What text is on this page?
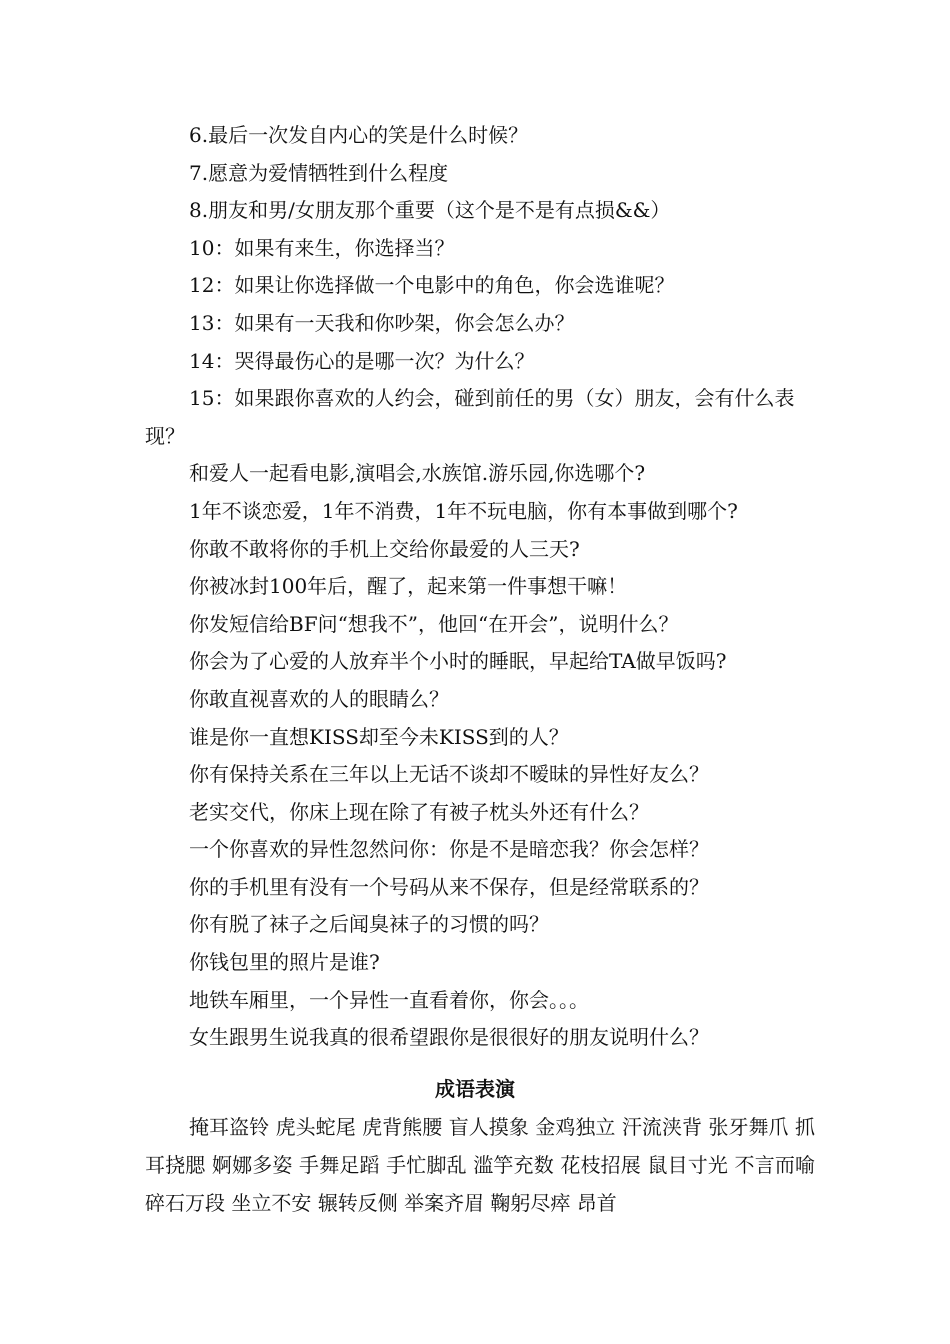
6.最后一次发自内心的笑是什么时候？
7.愿意为爱情牺牲到什么程度
8.朋友和男/女朋友那个重要（这个是不是有点损&&）
10：如果有来生，你选择当？
12：如果让你选择做一个电影中的角色，你会选谁呢？
13：如果有一天我和你吵架，你会怎么办？
14：哭得最伤心的是哪一次？为什么？
15：如果跟你喜欢的人约会，碰到前任的男（女）朋友，会有什么表现？
和爱人一起看电影,演唱会,水族馆.游乐园,你选哪个?
1年不谈恋爱，1年不消费，1年不玩电脑，你有本事做到哪个?
你敢不敢将你的手机上交给你最爱的人三天?
你被冰封100年后，醒了，起来第一件事想干嘛！
你发短信给BF问“想我不”，他回“在开会”，说明什么？
你会为了心爱的人放弃半个小时的睡眠，早起给TA做早饭吗?
你敢直视喜欢的人的眼睛么？
谁是你一直想KISS却至今未KISS到的人？
你有保持关系在三年以上无话不谈却不暧昧的异性好友么？
老实交代，你床上现在除了有被子枕头外还有什么？
一个你喜欢的异性忽然问你：你是不是暗恋我？你会怎样？
你的手机里有没有一个号码从来不保存，但是经常联系的？
你有脱了袜子之后闻臭袜子的习惯的吗？
你钱包里的照片是谁?
地铁车厢里，一个异性一直看着你，你会。。。
女生跟男生说我真的很希望跟你是很很好的朋友说明什么？
成语表演
掩耳盗铃 虎头蛇尾 虎背熊腰 盲人摸象 金鸡独立 汗流浃背 张牙舞爪 抓耳挠腮 婀娜多姿 手舞足蹈 手忙脚乱 滥竽充数 花枝招展 鼠目寸光 不言而喻 碎石万段 坐立不安 辗转反侧 举案齐眉 鞠躬尽瘁 昂首
